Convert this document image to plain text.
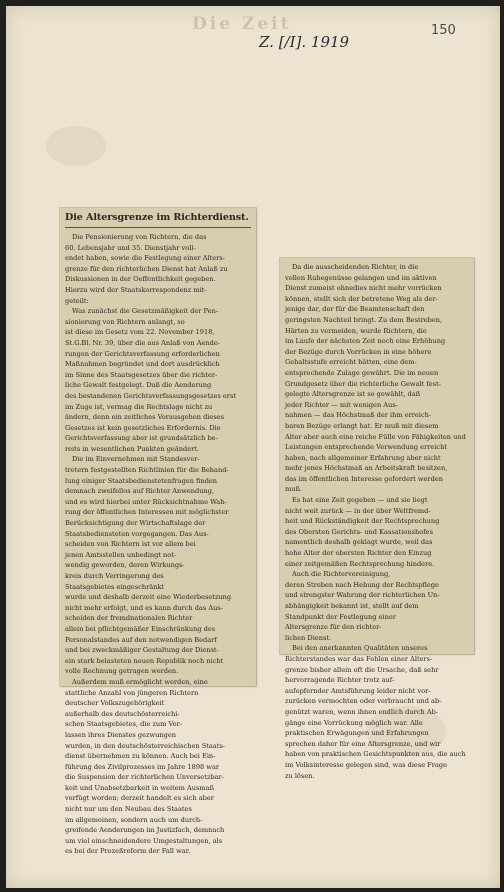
Die Zeit
Z. [/I]. 1919
150
Die Altersgrenze im Richterdienst.
Die Pensionierung von Richtern, die das
60. Lebensjahr und 35. Dienstjahr voll-
endet haben, sowie die Festlegung einer Alters-
grenze für den richterlichen Dienst hat Anlaß zu
Diskussionen in der Oeffentlichkeit gegeben.
Hierzu wird der Staatskorrespondenz mit-
geteilt:
Was zunächst die Gesetzmäßigkeit der Pen-
sionierung von Richtern anlangt, so
ist diese im Gesetz vom 22. November 1918,
St.G.Bl. Nr. 39, über die aus Anlaß von Aende-
rungen der Gerichtsverfassung erforderlichen
Maßnahmen begründet und dort ausdrücklich
im Sinne des Staatsgesetzes über die richter-
liche Gewalt festgelegt. Daß die Aenderung
des bestandenen Gerichtsverfassungsgesetzes erst
im Zuge ist, vermag die Rechtslage nicht zu
ändern, denn ein zeitliches Vorausgehen dieses
Gesetzes ist kein gesetzliches Erfordernis. Die
Gerichtsverfassung aber ist grundsätzlich be-
reits in wesentlichen Punkten geändert.
Die im Einvernehmen mit Standesver-
tretern festgestellten Richtlinien für die Behand-
lung einiger Staatsbedienstetenfragen finden
demnach zweifellos auf Richter Anwendung,
und es wird hierbei unter Rücksichtnahme Wah-
rung der öffentlichen Interessen mit möglichster
Berücksichtigung der Wirtschaftslage der
Staatsbediensteten vorgegangen. Das Aus-
scheiden von Richtern ist vor allem bei
jenen Amtsstellen unbedingt not-
wendig geworden, deren Wirkungs-
kreis durch Verringerung des
Staatsgebietes eingeschränkt
wurde und deshalb derzeit eine Wiederbesetzung
nicht mehr erfolgt, und es kann durch das Aus-
scheiden der fremdnationalen Richter
allein bei pflichtgemäßer Einschränkung des
Personalstandes auf den notwendigen Bedarf
und bei zweckmäßiger Gestaltung der Dienst-
ein stark belasteten neuen Republik noch nicht
volle Rechnung getragen werden.
Außerdem muß ermöglicht werden, eine
stattliche Anzahl von jüngeren Richtern
deutscher Volkszugehörigkeit
außerhalb des deutschösterreichi-
schen Staatsgebietes, die zum Ver-
lassen ihres Dienstes gezwungen
wurden, in den deutschösterreichischen Staats-
dienst übernehmen zu können. Auch bei Ein-
führung des Zivilprozesses im Jahre 1898 war
die Suspension der richterlichen Unversetzbar-
keit und Unabsetzbarkeit in weitem Ausmaß
verfügt worden; derzeit handelt es sich aber
nicht nur um den Neubau des Staates
im allgemeinen, sondern auch um durch-
greifende Aenderungen im Justizfach, demnach
um viel einschneidendere Umgestaltungen, als
es bei der Prozeßreform der Fall war.
Da die ausscheidenden Richter, in die
vollen Ruhegenüsse gelangen und im aktiven
Dienst zumeist ohnedies nicht mehr vorrücken
können, stellt sich der betretene Weg als der-
jenige dar, der für die Beamtenschaft den
geringsten Nachteil bringt. Zu dem Bestreben,
Härten zu vermeiden, wurde Richtern, die
im Laufe der nächsten Zeit noch eine Erhöhung
der Bezüge durch Vorrücken in eine höhere
Gehaltsstufe erreicht hätten, eine dem-
entsprechende Zulage gewährt. Die im neuen
Grundgesetz über die richterliche Gewalt fest-
gelegte Altersgrenze ist so gewählt, daß
jeder Richter — mit wenigen Aus-
nahmen — das Höchstmaß der ihm erreich-
baren Bezüge erlangt hat. Er muß mit diesem
Alter aber auch eine reiche Fülle von Fähigkeiten und
Leistungen entsprechende Verwendung erreicht
haben, nach allgemeiner Erfahrung aber nicht
mehr jenes Höchstmaß an Arbeitskraft besitzen,
das im öffentlichen Interesse gefordert werden
muß.
Es hat eine Zeit gegeben — und sie liegt
nicht weit zurück — in der über Weltfremd-
heit und Rückständigkeit der Rechtsprechung
des Obersten Gerichts- und Kassationshofes
namentlich deshalb geklagt wurde, weil das
hohe Alter der obersten Richter den Einzug
einer zeitgemäßen Rechtsprechung hindere.
Auch die Richtervereinigung,
deren Streben nach Hebung der Rechtspflege
und strengster Wahrung der richterlichen Un-
abhängigkeit bekannt ist, stellt auf dem
Standpunkt der Festlegung einer
Altersgrenze für den richter-
lichen Dienst.
Bei den anerkannten Qualitäten unseres
Richterstandes war das Fehlen einer Alters-
grenze bisher allein oft die Ursache, daß sehr
hervorragende Richter trotz auf-
aufopfernder Amtsführung leider nicht vor-
zurücken vermochten oder verbraucht und ab-
genützt waren, wenn ihnen endlich durch Ab-
gänge eine Vorrückung möglich war. Alle
praktischen Erwägungen und Erfahrungen
sprechen daher für eine Altersgrenze, und wir
haben von praktischen Gesichtspunkten aus, die auch
im Volksinteresse gelegen sind, was diese Frage
zu lösen.
